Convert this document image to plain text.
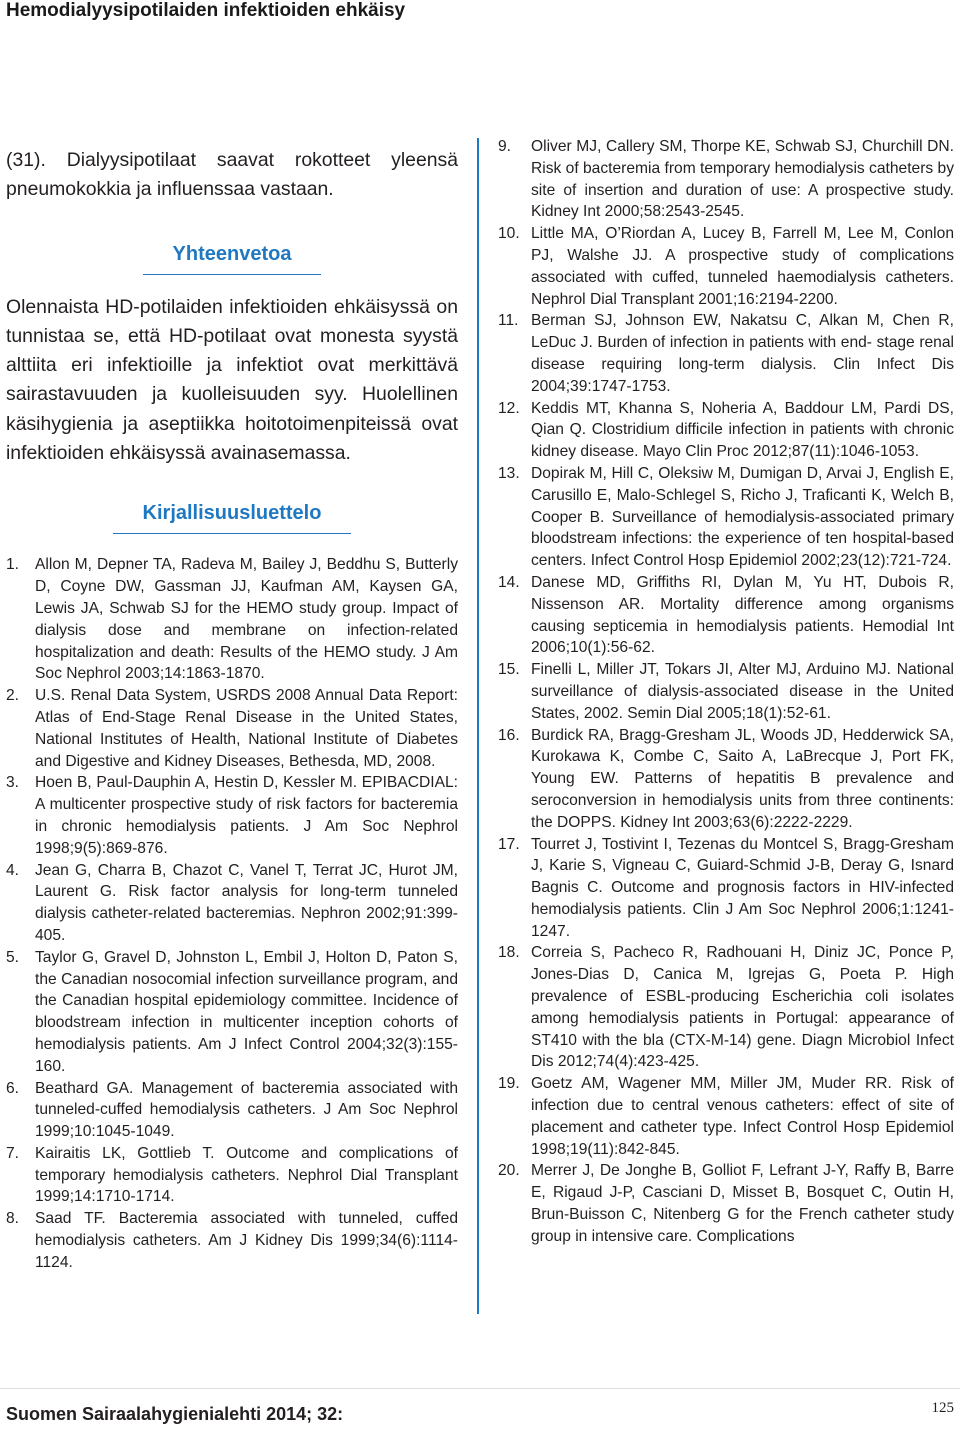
Hemodialyysipotilaiden infektioiden ehkäisy

(31). Dialyysipotilaat saavat rokotteet yleensä pneumokokkia ja influenssaa vastaan.

Yhteenvetoa

Olennaista HD-potilaiden infektioiden ehkäisyssä on tunnistaa se, että HD-potilaat ovat monesta syystä alttiita eri infektioille ja infektiot ovat merkittävä sairastavuuden ja kuolleisuuden syy. Huolellinen käsihygienia ja aseptiikka hoitotoimenpiteissä ovat infektioiden ehkäisyssä avainasemassa.

Kirjallisuusluettelo
1.	Allon M, Depner TA, Radeva M, Bailey J, Beddhu S, Butterly D, Coyne DW, Gassman JJ, Kaufman AM, Kaysen GA, Lewis JA, Schwab SJ for the HEMO study group. Impact of dialysis dose and membrane on infection-related hospitalization and death: Results of the HEMO study. J Am Soc Nephrol 2003;14:1863-1870.
2.	U.S. Renal Data System, USRDS 2008 Annual Data Report: Atlas of End-Stage Renal Disease in the United States, National Institutes of Health, National Institute of Diabetes and Digestive and Kidney Diseases, Bethesda, MD, 2008.
3.	Hoen B, Paul-Dauphin A, Hestin D, Kessler M. EPIBACDIAL: A multicenter prospective study of risk factors for bacteremia in chronic hemodialysis patients. J Am Soc Nephrol 1998;9(5):869-876.
4.	Jean G, Charra B, Chazot C, Vanel T, Terrat JC, Hurot JM, Laurent G. Risk factor analysis for long-term tunneled dialysis catheter-related bacteremias. Nephron 2002;91:399-405.
5.	Taylor G, Gravel D, Johnston L, Embil J, Holton D, Paton S, the Canadian nosocomial infection surveillance program, and the Canadian hospital epidemiology committee. Incidence of bloodstream infection in multicenter inception cohorts of hemodialysis patients. Am J Infect Control 2004;32(3):155-160.
6.	Beathard GA. Management of bacteremia associated with tunneled-cuffed hemodialysis catheters. J Am Soc Nephrol 1999;10:1045-1049.
7.	Kairaitis LK, Gottlieb T. Outcome and complications of temporary hemodialysis catheters. Nephrol Dial Transplant 1999;14:1710-1714.
8.	Saad TF. Bacteremia associated with tunneled, cuffed hemodialysis catheters. Am J Kidney Dis 1999;34(6):1114-1124.
9.	Oliver MJ, Callery SM, Thorpe KE, Schwab SJ, Churchill DN. Risk of bacteremia from temporary hemodialysis catheters by site of insertion and duration of use: A prospective study. Kidney Int 2000;58:2543-2545.
10. Little MA, O’Riordan A, Lucey B, Farrell M, Lee M, Conlon PJ, Walshe JJ. A prospective study of complications associated with cuffed, tunneled haemodialysis catheters. Nephrol Dial Transplant 2001;16:2194-2200.
11. Berman SJ, Johnson EW, Nakatsu C, Alkan M, Chen R, LeDuc J. Burden of infection in patients with end- stage renal disease requiring long-term dialysis. Clin Infect Dis 2004;39:1747-1753.
12. Keddis MT, Khanna S, Noheria A, Baddour LM, Pardi DS, Qian Q. Clostridium difficile infection in patients with chronic kidney disease. Mayo Clin Proc 2012;87(11):1046-1053.
13. Dopirak M, Hill C, Oleksiw M, Dumigan D, Arvai J, English E, Carusillo E, Malo-Schlegel S, Richo J, Traficanti K, Welch B, Cooper B. Surveillance of hemodialysis-associated primary bloodstream infections: the experience of ten hospital-based centers. Infect Control Hosp Epidemiol 2002;23(12):721-724.
14. Danese MD, Griffiths RI, Dylan M, Yu HT, Dubois R, Nissenson AR. Mortality difference among organisms causing septicemia in hemodialysis patients. Hemodial Int 2006;10(1):56-62.
15. Finelli L, Miller JT, Tokars JI, Alter MJ, Arduino MJ. National surveillance of dialysis-associated disease in the United States, 2002. Semin Dial 2005;18(1):52-61.
16. Burdick RA, Bragg-Gresham JL, Woods JD, Hedderwick SA, Kurokawa K, Combe C, Saito A, LaBrecque J, Port FK, Young EW. Patterns of hepatitis B prevalence and seroconversion in hemodialysis units from three continents: the DOPPS. Kidney Int 2003;63(6):2222-2229.
17. Tourret J, Tostivint I, Tezenas du Montcel S, Bragg-Gresham J, Karie S, Vigneau C, Guiard-Schmid J-B, Deray G, Isnard Bagnis C. Outcome and prognosis factors in HIV-infected hemodialysis patients. Clin J Am Soc Nephrol 2006;1:1241-1247.
18. Correia S, Pacheco R, Radhouani H, Diniz JC, Ponce P, Jones-Dias D, Canica M, Igrejas G, Poeta P. High prevalence of ESBL-producing Escherichia coli isolates among hemodialysis patients in Portugal: appearance of ST410 with the bla (CTX-M-14) gene. Diagn Microbiol Infect Dis 2012;74(4):423-425.
19. Goetz AM, Wagener MM, Miller JM, Muder RR. Risk of infection due to central venous catheters: effect of site of placement and catheter type. Infect Control Hosp Epidemiol 1998;19(11):842-845.
20. Merrer J, De Jonghe B, Golliot F, Lefrant J-Y, Raffy B, Barre E, Rigaud J-P, Casciani D, Misset B, Bosquet C, Outin H, Brun-Buisson C, Nitenberg G for the French catheter study group in intensive care. Complications
Suomen Sairaalahygienialehti 2014; 32:	125
